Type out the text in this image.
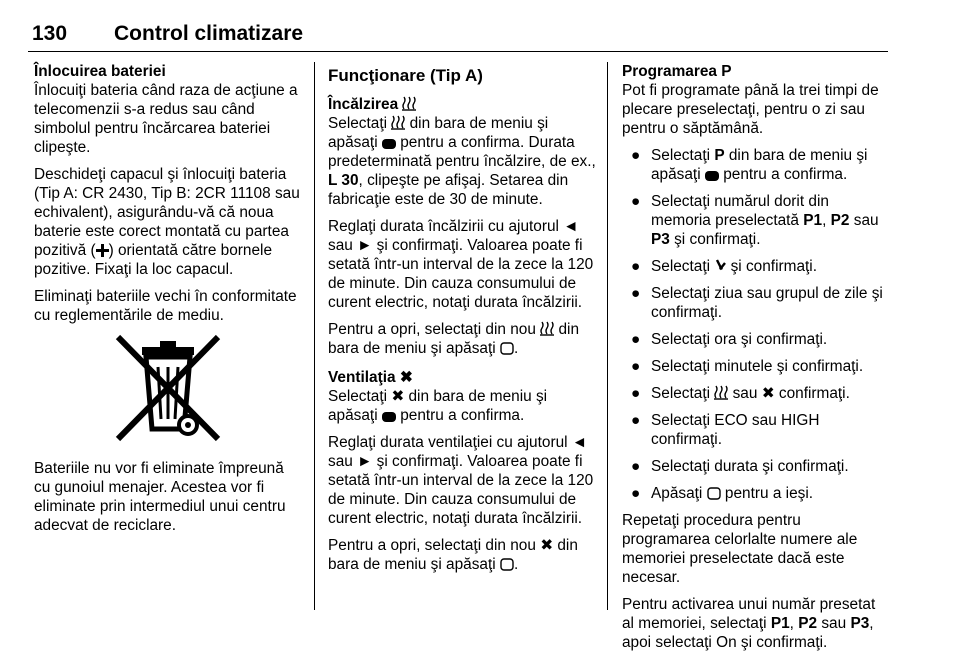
130 Control climatizare

Înlocuirea bateriei

Înlocuiţi bateria când raza de acţiune a telecomenzii s-a redus sau când simbolul pentru încărcarea bateriei clipeşte.

Deschideţi capacul şi înlocuiţi bateria (Tip A: CR 2430, Tip B: 2CR 11108 sau echivalent), asigurându-vă că noua baterie este corect montată cu partea pozitivă ( ) orientată către bornele pozitive. Fixaţi la loc capacul.

Eliminaţi bateriile vechi în conformitate cu reglementările de mediu.

Bateriile nu vor fi eliminate împreună cu gunoiul menajer. Acestea vor fi eliminate prin intermediul unui centru adecvat de reciclare.

Funcţionare (Tip A)

Încălzirea

Selectaţi din bara de meniu şi apăsaţi pentru a confirma. Durata predeterminată pentru încălzire, de ex., L 30, clipeşte pe afişaj. Setarea din fabricaţie este de 30 de minute.

Reglaţi durata încălzirii cu ajutorul ◄ sau ► şi confirmaţi. Valoarea poate fi setată într-un interval de la zece la 120 de minute. Din cauza consumului de curent electric, notaţi durata încălzirii.

Pentru a opri, selectaţi din nou din bara de meniu şi apăsaţi .

Ventilaţia ✖

Selectaţi ✖ din bara de meniu şi apăsaţi pentru a confirma.

Reglaţi durata ventilaţiei cu ajutorul ◄ sau ► şi confirmaţi. Valoarea poate fi setată într-un interval de la zece la 120 de minute. Din cauza consumului de curent electric, notaţi durata încălzirii.

Pentru a opri, selectaţi din nou ✖ din bara de meniu şi apăsaţi .

Programarea P

Pot fi programate până la trei timpi de plecare preselectaţi, pentru o zi sau pentru o săptămână.

● Selectaţi P din bara de meniu şi apăsaţi pentru a confirma.
● Selectaţi numărul dorit din memoria preselectată P1, P2 sau P3 şi confirmaţi.
● Selectaţi şi confirmaţi.
● Selectaţi ziua sau grupul de zile şi confirmaţi.
● Selectaţi ora şi confirmaţi.
● Selectaţi minutele şi confirmaţi.
● Selectaţi sau ✖ confirmaţi.
● Selectaţi ECO sau HIGH confirmaţi.
● Selectaţi durata şi confirmaţi.
● Apăsaţi pentru a ieşi.

Repetaţi procedura pentru programarea celorlalte numere ale memoriei preselectate dacă este necesar.

Pentru activarea unui număr presetat al memoriei, selectaţi P1, P2 sau P3, apoi selectaţi On şi confirmaţi.
